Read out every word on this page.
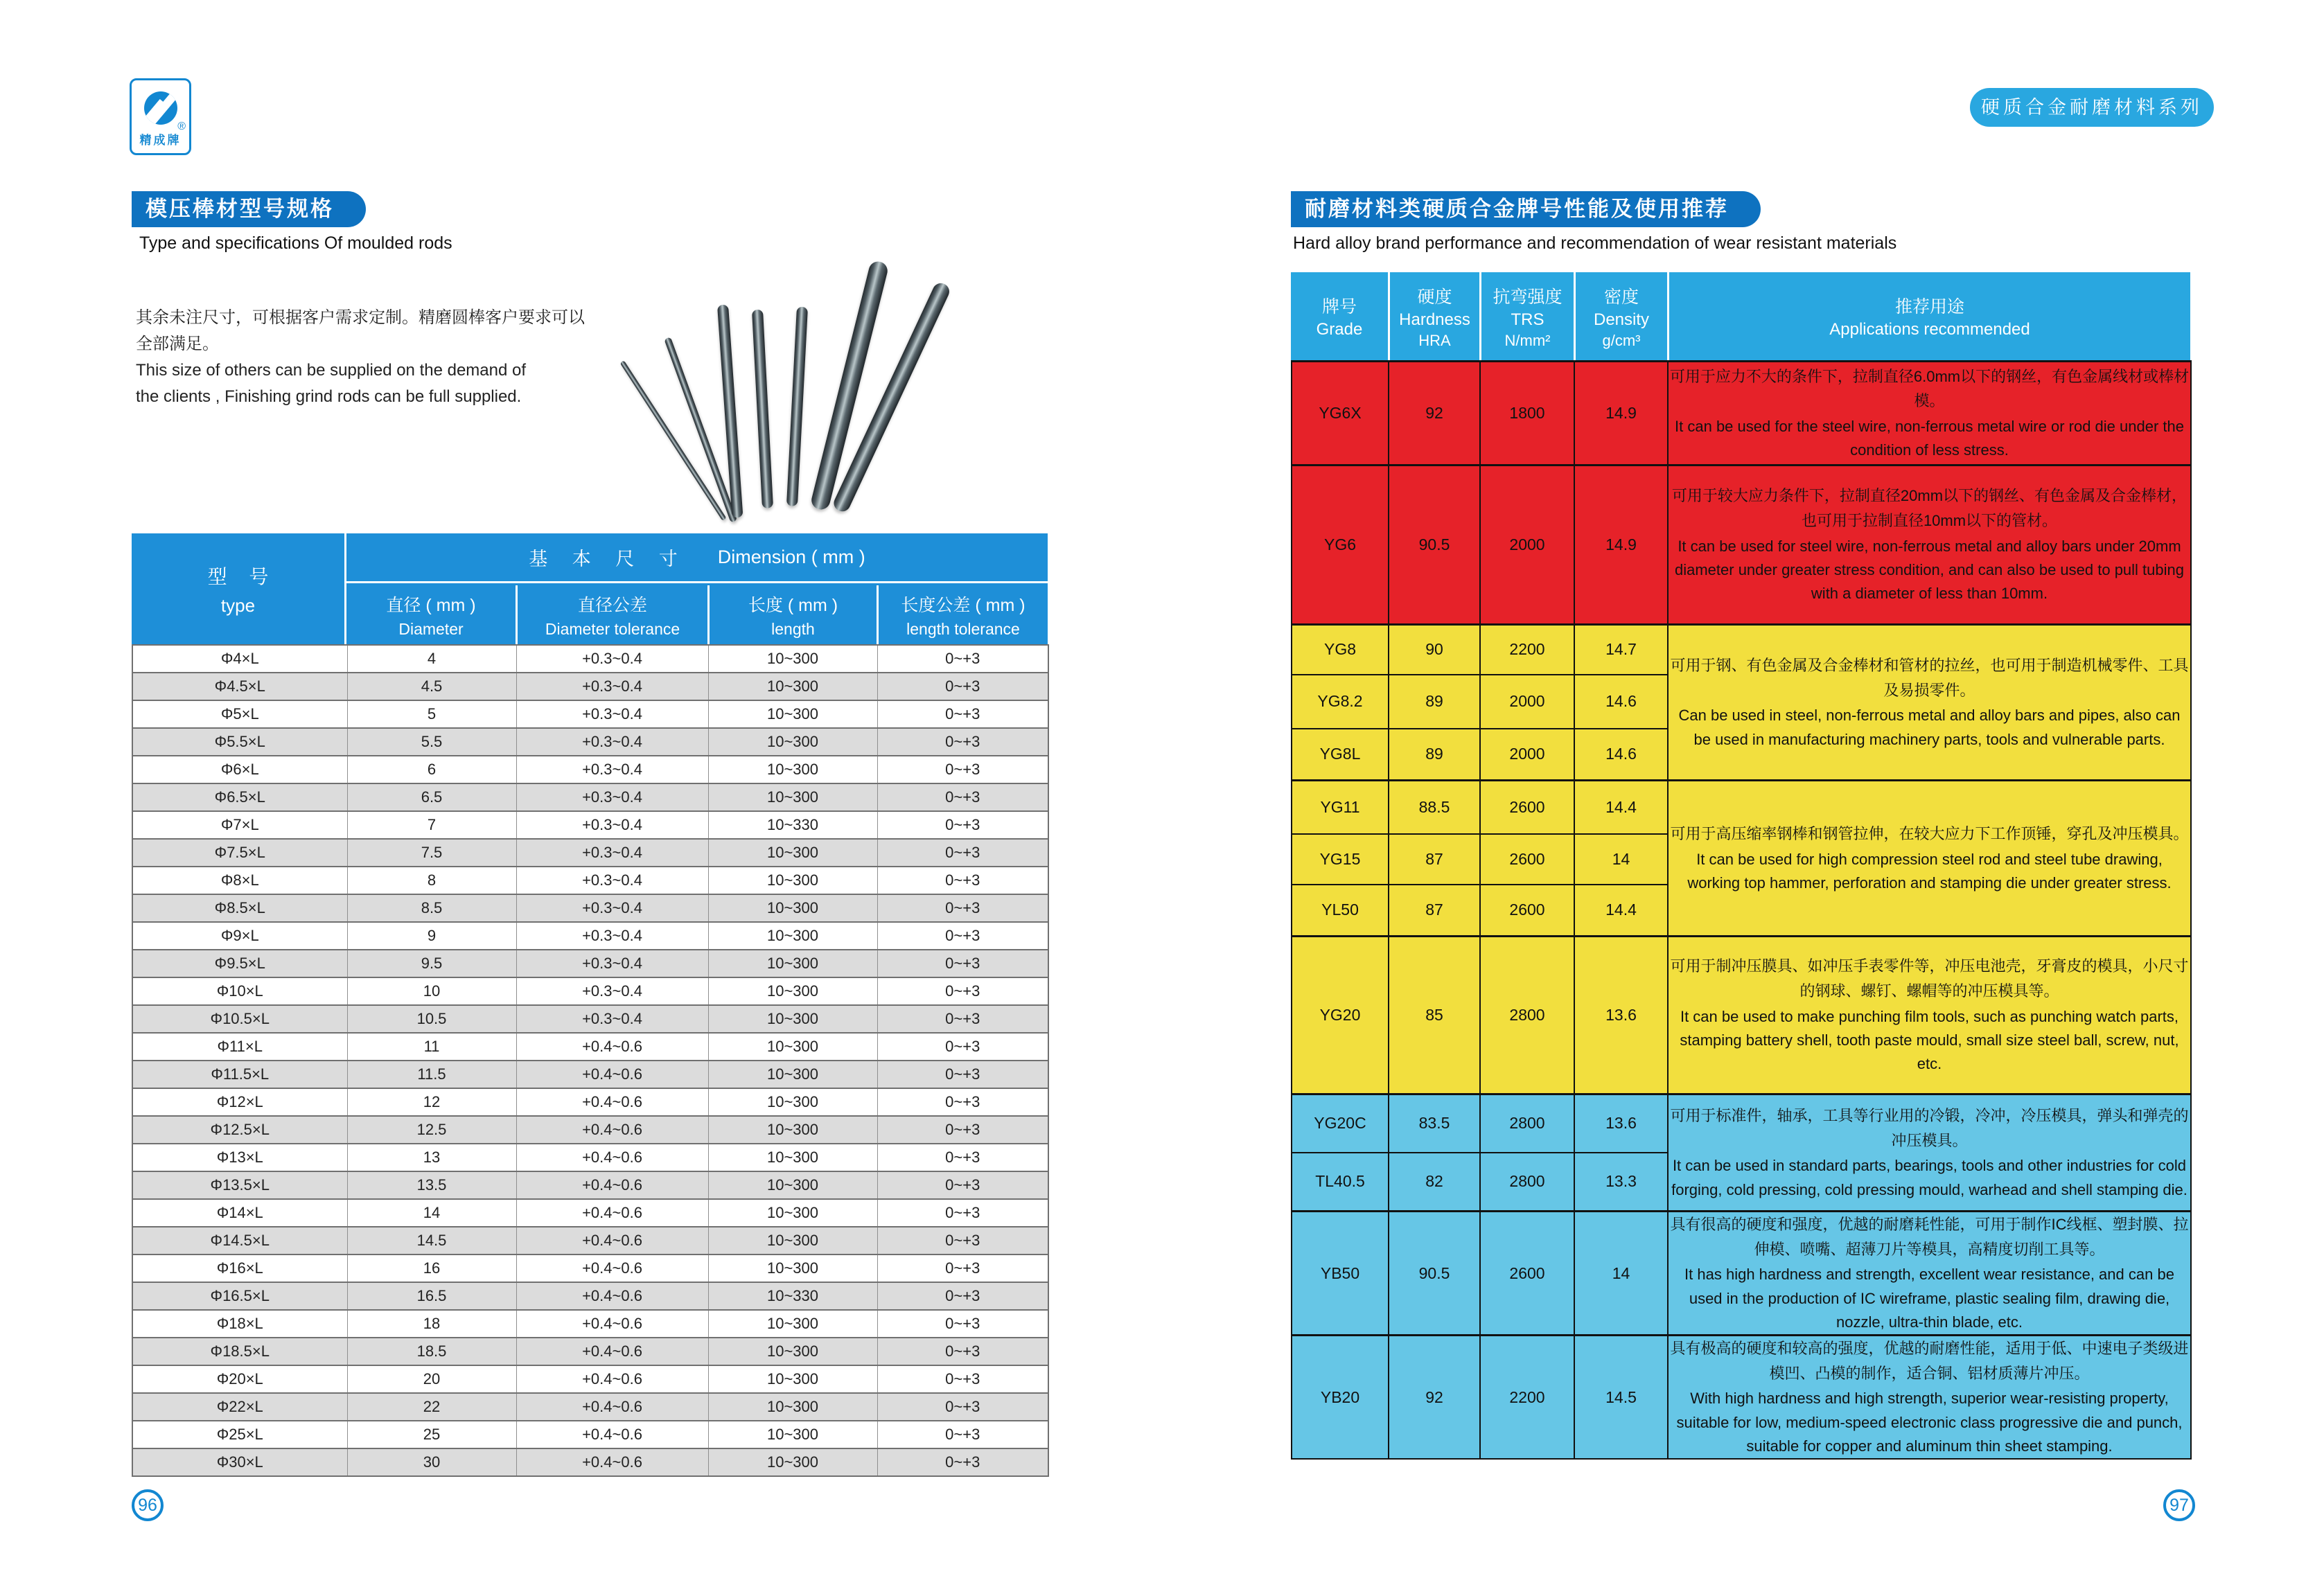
®
精成牌
硬质合金耐磨材料系列
模压棒材型号规格
Type and specifications Of moulded rods
其余未注尺寸，可根据客户需求定制。精磨圆棒客户要求可以
全部满足。
This size of others can be supplied on the demand of
the clients , Finishing grind rods can be full supplied.
型 号
type
基 本 尺 寸 Dimension ( mm )
直径 ( mm )
Diameter
直径公差
Diameter tolerance
长度 ( mm )
length
长度公差 ( mm )
length tolerance
Φ4×L	4	+0.3~0.4	10~300	0~+3
Φ4.5×L	4.5	+0.3~0.4	10~300	0~+3
Φ5×L	5	+0.3~0.4	10~300	0~+3
Φ5.5×L	5.5	+0.3~0.4	10~300	0~+3
Φ6×L	6	+0.3~0.4	10~300	0~+3
Φ6.5×L	6.5	+0.3~0.4	10~300	0~+3
Φ7×L	7	+0.3~0.4	10~330	0~+3
Φ7.5×L	7.5	+0.3~0.4	10~300	0~+3
Φ8×L	8	+0.3~0.4	10~300	0~+3
Φ8.5×L	8.5	+0.3~0.4	10~300	0~+3
Φ9×L	9	+0.3~0.4	10~300	0~+3
Φ9.5×L	9.5	+0.3~0.4	10~300	0~+3
Φ10×L	10	+0.3~0.4	10~300	0~+3
Φ10.5×L	10.5	+0.3~0.4	10~300	0~+3
Φ11×L	11	+0.4~0.6	10~300	0~+3
Φ11.5×L	11.5	+0.4~0.6	10~300	0~+3
Φ12×L	12	+0.4~0.6	10~300	0~+3
Φ12.5×L	12.5	+0.4~0.6	10~300	0~+3
Φ13×L	13	+0.4~0.6	10~300	0~+3
Φ13.5×L	13.5	+0.4~0.6	10~300	0~+3
Φ14×L	14	+0.4~0.6	10~300	0~+3
Φ14.5×L	14.5	+0.4~0.6	10~300	0~+3
Φ16×L	16	+0.4~0.6	10~300	0~+3
Φ16.5×L	16.5	+0.4~0.6	10~330	0~+3
Φ18×L	18	+0.4~0.6	10~300	0~+3
Φ18.5×L	18.5	+0.4~0.6	10~300	0~+3
Φ20×L	20	+0.4~0.6	10~300	0~+3
Φ22×L	22	+0.4~0.6	10~300	0~+3
Φ25×L	25	+0.4~0.6	10~300	0~+3
Φ30×L	30	+0.4~0.6	10~300	0~+3
耐磨材料类硬质合金牌号性能及使用推荐
Hard alloy brand performance and recommendation of wear resistant materials
牌号
Grade
硬度
Hardness
HRA
抗弯强度
TRS
N/mm²
密度
Density
g/cm³
推荐用途
Applications recommended
YG6X	92	1800	14.9	可用于应力不大的条件下，拉制直径6.0mm以下的钢丝，有色金属线材或棒材模。
It can be used for the steel wire, non-ferrous metal wire or rod die under the condition of less stress.

YG6	90.5	2000	14.9	可用于较大应力条件下，拉制直径20mm以下的钢丝、有色金属及合金棒材，也可用于拉制直径10mm以下的管材。
It can be used for steel wire, non-ferrous metal and alloy bars under 20mm diameter under greater stress condition, and can also be used to pull tubing with a diameter of less than 10mm.

YG8	90	2200	14.7	可用于钢、有色金属及合金棒材和管材的拉丝，也可用于制造机械零件、工具及易损零件。
Can be used in steel, non-ferrous metal and alloy bars and pipes, also can be used in manufacturing machinery parts, tools and vulnerable parts.

YG8.2	89	2000	14.6	
YG8L	89	2000	14.6	
YG11	88.5	2600	14.4	可用于高压缩率钢棒和钢管拉伸，在较大应力下工作顶锤，穿孔及冲压模具。
It can be used for high compression steel rod and steel tube drawing, working top hammer, perforation and stamping die under greater stress.

YG15	87	2600	14	
YL50	87	2600	14.4	
YG20	85	2800	13.6	可用于制冲压膜具、如冲压手表零件等，冲压电池壳，牙膏皮的模具，小尺寸的钢球、螺钉、螺帽等的冲压模具等。
It can be used to make punching film tools, such as punching watch parts, stamping battery shell, tooth paste mould, small size steel ball, screw, nut, etc.

YG20C	83.5	2800	13.6	可用于标准件，轴承，工具等行业用的冷锻，冷冲，冷压模具，弹头和弹壳的冲压模具。
It can be used in standard parts, bearings, tools and other industries for cold forging, cold pressing, cold pressing mould, warhead and shell stamping die.

TL40.5	82	2800	13.3	
YB50	90.5	2600	14	具有很高的硬度和强度，优越的耐磨耗性能，可用于制作IC线框、塑封膜、拉伸模、喷嘴、超薄刀片等模具，高精度切削工具等。
It has high hardness and strength, excellent wear resistance, and can be used in the production of IC wireframe, plastic sealing film, drawing die, nozzle, ultra-thin blade, etc.

YB20	92	2200	14.5	具有极高的硬度和较高的强度，优越的耐磨性能，适用于低、中速电子类级进模凹、凸模的制作，适合铜、铝材质薄片冲压。
With high hardness and high strength, superior wear-resisting property, suitable for low, medium-speed electronic class progressive die and punch, suitable for copper and aluminum thin sheet stamping.
96	97
